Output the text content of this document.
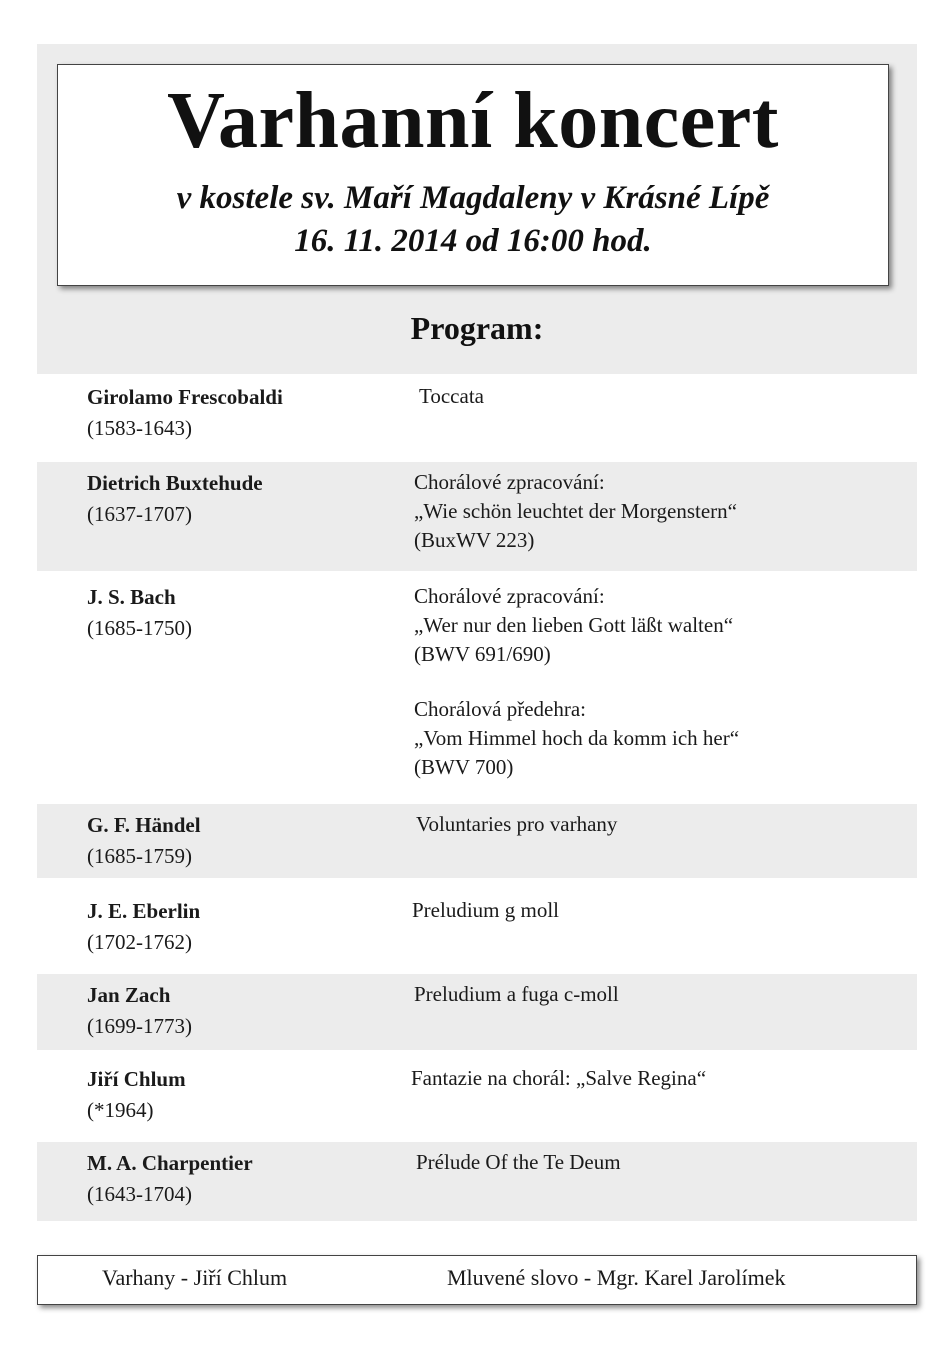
Varhanní koncert
v kostele sv. Maří Magdaleny v Krásné Lípě
16. 11. 2014 od 16:00 hod.
Program:
Girolamo Frescobaldi
(1583-1643)
Toccata
Dietrich Buxtehude
(1637-1707)
Chorálové zpracování:
„Wie schön leuchtet der Morgenstern“
(BuxWV 223)
J. S. Bach
(1685-1750)
Chorálové zpracování:
„Wer nur den lieben Gott läßt walten“
(BWV 691/690)
Chorálová předehra:
„Vom Himmel hoch da komm ich her“
(BWV 700)
G. F. Händel
(1685-1759)
Voluntaries pro varhany
J. E. Eberlin
(1702-1762)
Preludium g moll
Jan Zach
(1699-1773)
Preludium a fuga c-moll
Jiří Chlum
(*1964)
Fantazie na chorál: „Salve Regina“
M. A. Charpentier
(1643-1704)
Prélude Of the Te Deum
Varhany - Jiří Chlum	Mluvené slovo - Mgr. Karel Jarolímek
